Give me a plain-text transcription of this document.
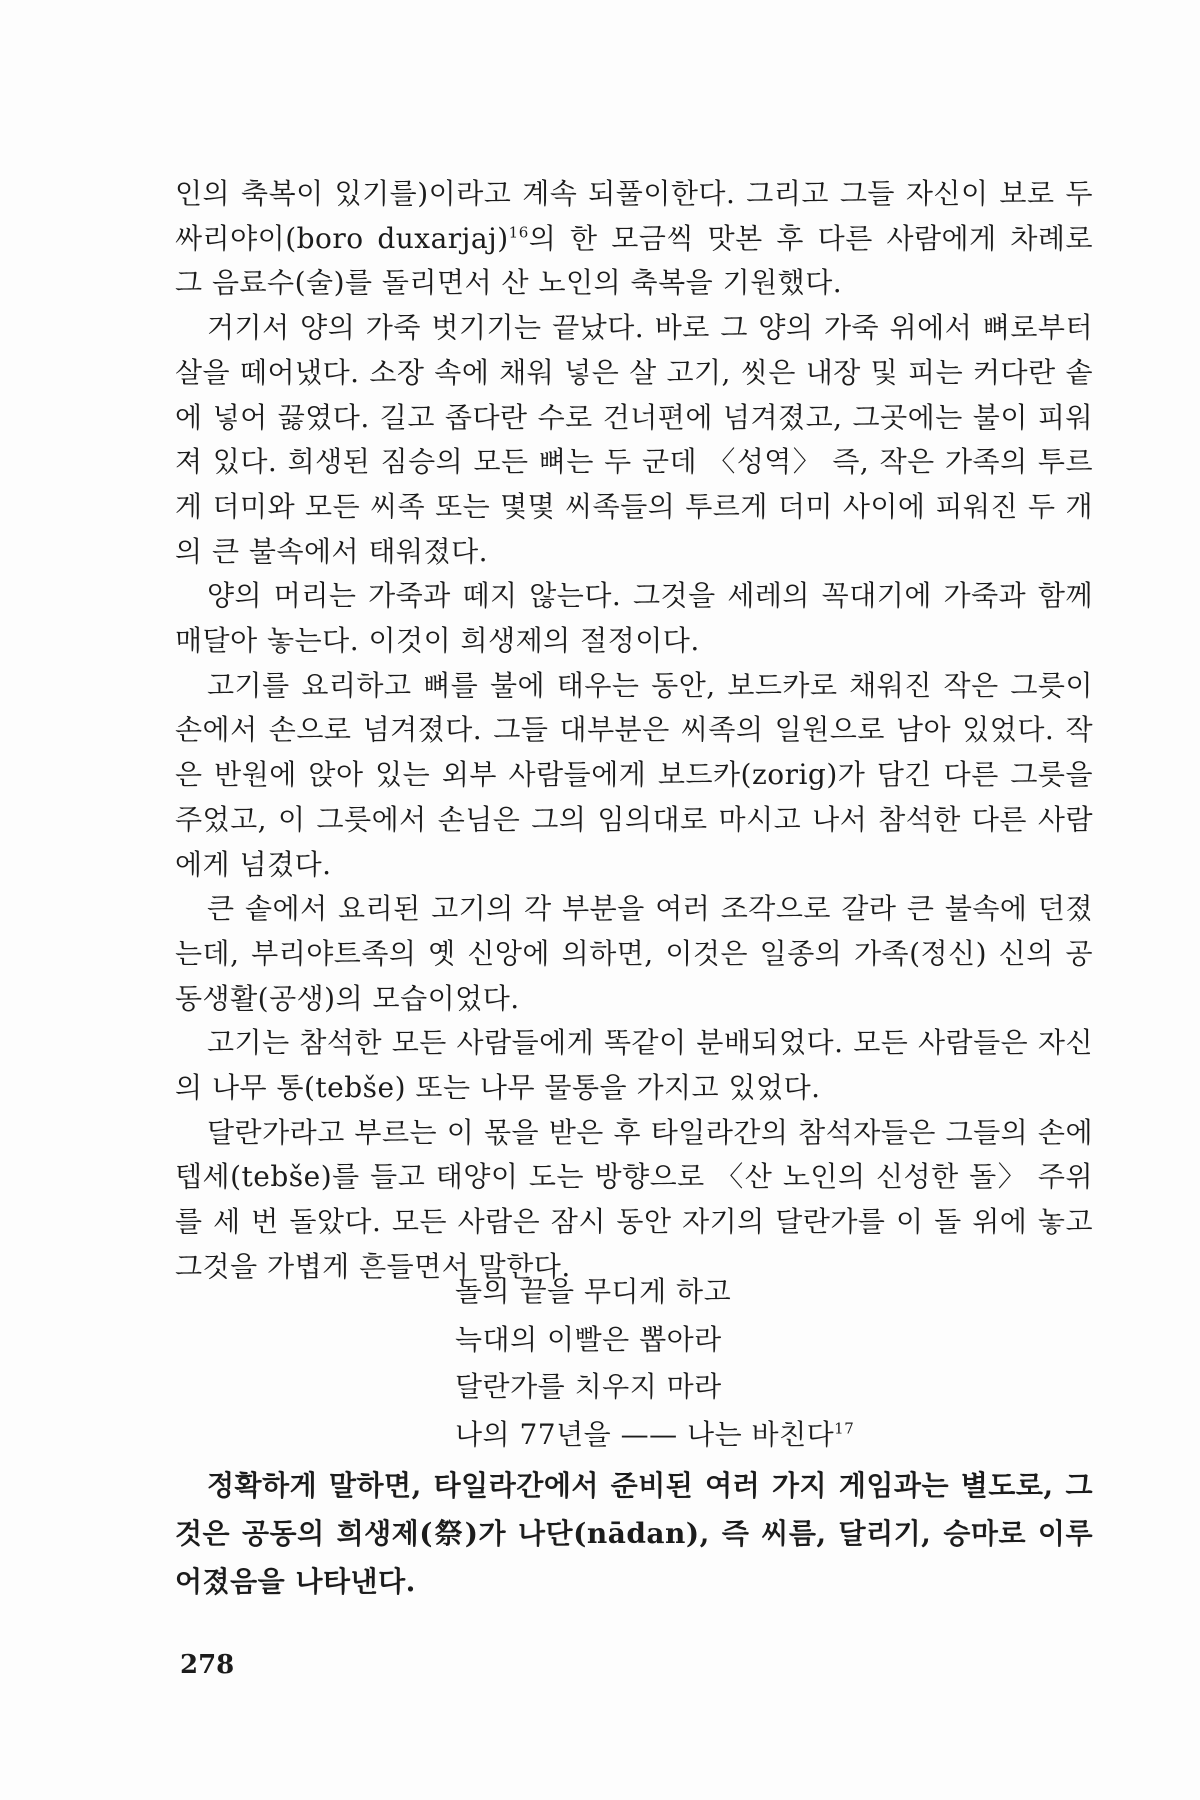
인의 축복이 있기를)이라고 계속 되풀이한다. 그리고 그들 자신이 보로 두싸리야이(boro duxarjaj)$^{16}$의 한 모금씩 맛본 후 다른 사람에게 차례로 그 음료수(술)를 돌리면서 산 노인의 축복을 기원했다.

거기서 양의 가죽 벗기기는 끝났다. 바로 그 양의 가죽 위에서 뼈로부터 살을 떼어냈다. 소장 속에 채워 넣은 살 고기, 씻은 내장 및 피는 커다란 솥에 넣어 끓였다. 길고 좁다란 수로 건너편에 넘겨졌고, 그곳에는 불이 피워져 있다. 희생된 짐승의 모든 뼈는 두 군데 〈성역〉 즉, 작은 가족의 투르게 더미와 모든 씨족 또는 몇몇 씨족들의 투르게 더미 사이에 피워진 두 개의 큰 불속에서 태워졌다.

양의 머리는 가죽과 떼지 않는다. 그것을 세레의 꼭대기에 가죽과 함께 매달아 놓는다. 이것이 희생제의 절정이다.

고기를 요리하고 뼈를 불에 태우는 동안, 보드카로 채워진 작은 그릇이 손에서 손으로 넘겨졌다. 그들 대부분은 씨족의 일원으로 남아 있었다. 작은 반원에 앉아 있는 외부 사람들에게 보드카(zorig)가 담긴 다른 그릇을 주었고, 이 그릇에서 손님은 그의 임의대로 마시고 나서 참석한 다른 사람에게 넘겼다.

큰 솥에서 요리된 고기의 각 부분을 여러 조각으로 갈라 큰 불속에 던졌는데, 부리야트족의 옛 신앙에 의하면, 이것은 일종의 가족(정신) 신의 공동생활(공생)의 모습이었다.

고기는 참석한 모든 사람들에게 똑같이 분배되었다. 모든 사람들은 자신의 나무 통(tebše) 또는 나무 물통을 가지고 있었다.

달란가라고 부르는 이 몫을 받은 후 타일라간의 참석자들은 그들의 손에 텝세(tebše)를 들고 태양이 도는 방향으로 〈산 노인의 신성한 돌〉 주위를 세 번 돌았다. 모든 사람은 잠시 동안 자기의 달란가를 이 돌 위에 놓고 그것을 가볍게 흔들면서 말한다.

돌의 끝을 무디게 하고
늑대의 이빨은 뽑아라
달란가를 치우지 마라
나의 77년을 —— 나는 바친다$^{17}$

정확하게 말하면, 타일라간에서 준비된 여러 가지 게임과는 별도로, 그것은 공동의 희생제(祭)가 나단(nādan), 즉 씨름, 달리기, 승마로 이루어졌음을 나타낸다.

278
